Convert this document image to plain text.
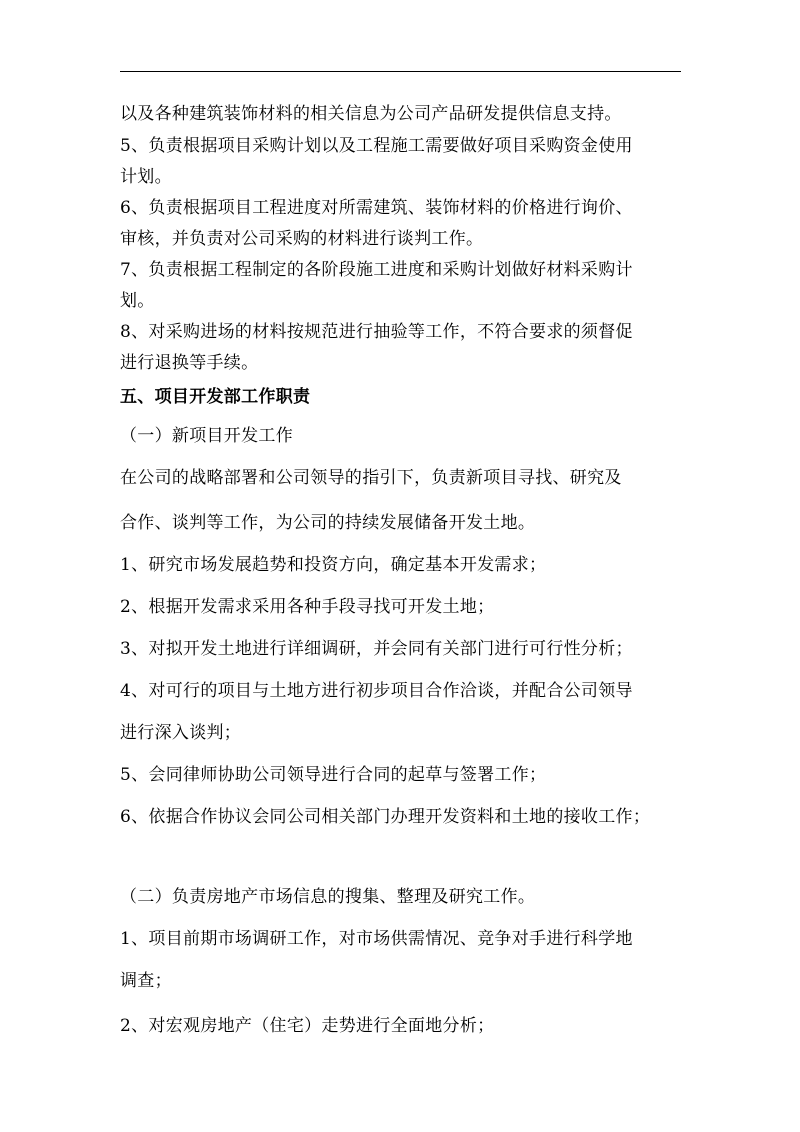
以及各种建筑装饰材料的相关信息为公司产品研发提供信息支持。
5、负责根据项目采购计划以及工程施工需要做好项目采购资金使用
计划。
6、负责根据项目工程进度对所需建筑、装饰材料的价格进行询价、
审核，并负责对公司采购的材料进行谈判工作。
7、负责根据工程制定的各阶段施工进度和采购计划做好材料采购计
划。
8、对采购进场的材料按规范进行抽验等工作，不符合要求的须督促
进行退换等手续。
五、项目开发部工作职责
（一）新项目开发工作
在公司的战略部署和公司领导的指引下，负责新项目寻找、研究及
合作、谈判等工作，为公司的持续发展储备开发土地。
1、研究市场发展趋势和投资方向，确定基本开发需求；
2、根据开发需求采用各种手段寻找可开发土地；
3、对拟开发土地进行详细调研，并会同有关部门进行可行性分析；
4、对可行的项目与土地方进行初步项目合作洽谈，并配合公司领导
进行深入谈判；
5、会同律师协助公司领导进行合同的起草与签署工作；
6、依据合作协议会同公司相关部门办理开发资料和土地的接收工作；
（二）负责房地产市场信息的搜集、整理及研究工作。
1、项目前期市场调研工作，对市场供需情况、竞争对手进行科学地
调查；
2、对宏观房地产（住宅）走势进行全面地分析；
